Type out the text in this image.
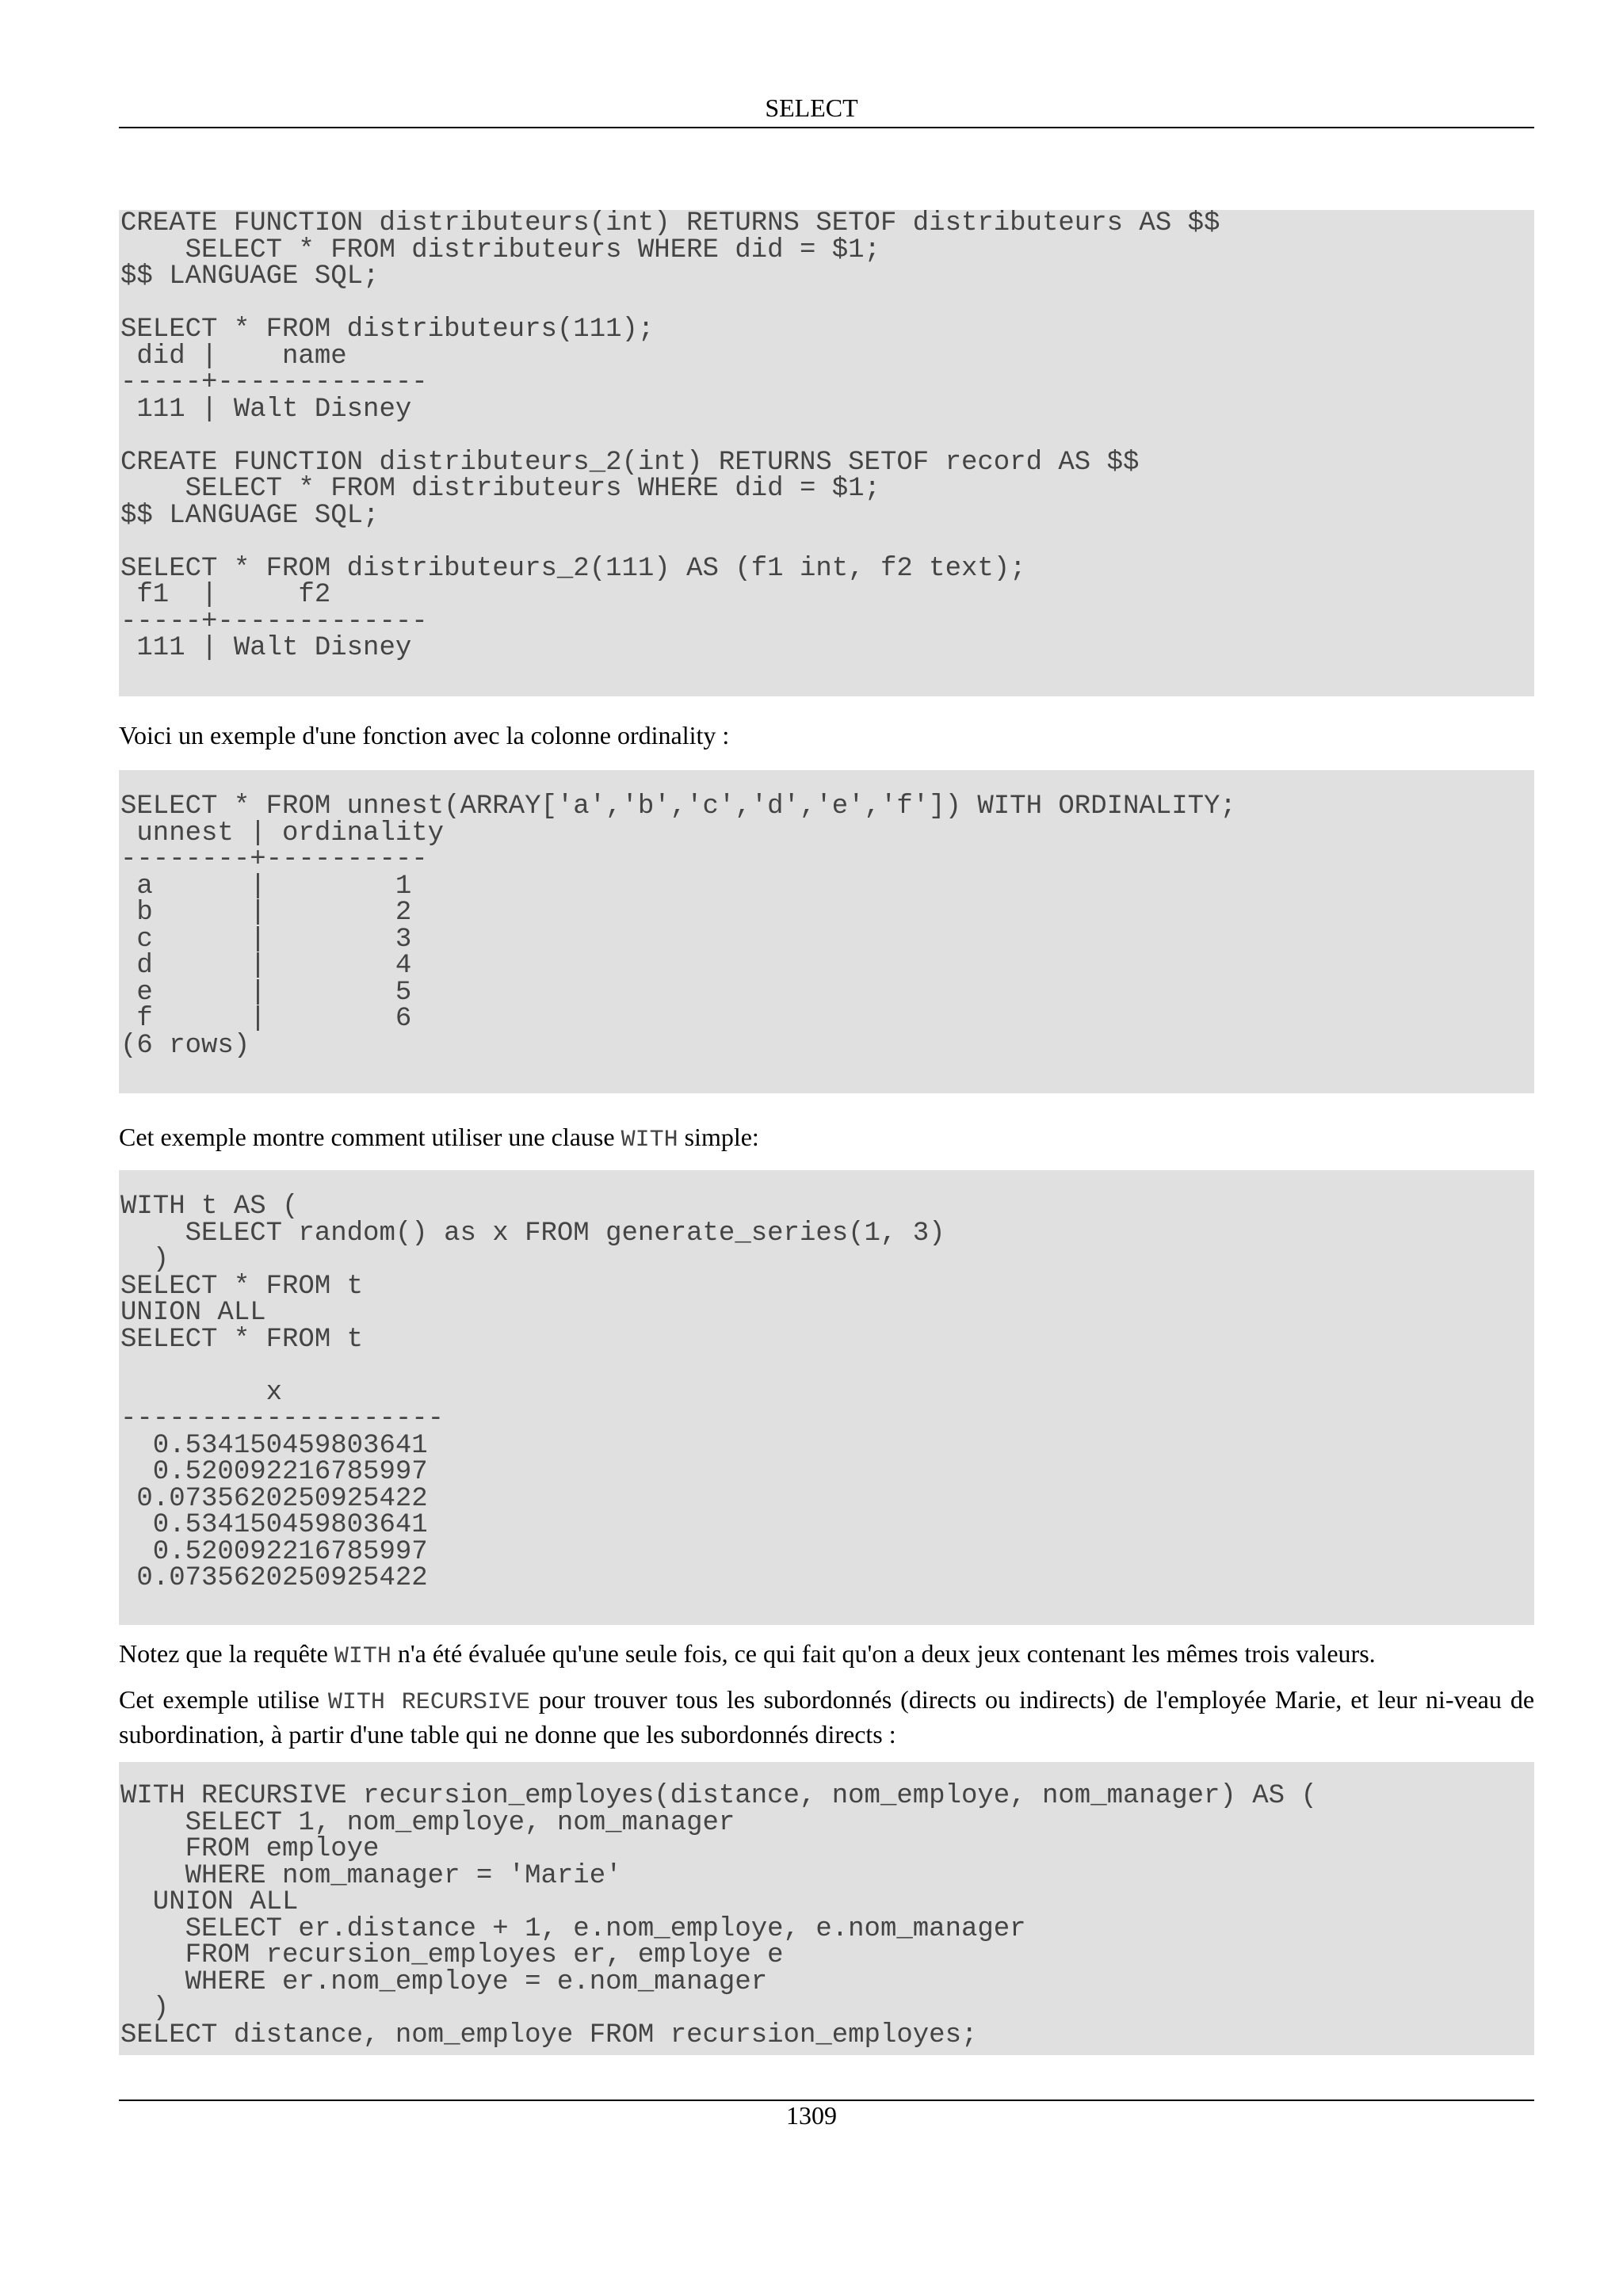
SELECT
CREATE FUNCTION distributeurs(int) RETURNS SETOF distributeurs AS $$
SELECT * FROM distributeurs WHERE did = $1;
$$ LANGUAGE SQL;

SELECT * FROM distributeurs(111);
did |    name
-----+-------------
111 | Walt Disney

CREATE FUNCTION distributeurs_2(int) RETURNS SETOF record AS $$
SELECT * FROM distributeurs WHERE did = $1;
$$ LANGUAGE SQL;

SELECT * FROM distributeurs_2(111) AS (f1 int, f2 text);
f1  |     f2
-----+-------------
111 | Walt Disney

Voici un exemple d'une fonction avec la colonne ordinality :

SELECT * FROM unnest(ARRAY['a','b','c','d','e','f']) WITH ORDINALITY;
unnest | ordinality
--------+----------
a      |        1
b      |        2
c      |        3
d      |        4
e      |        5
f      |        6
(6 rows)

Cet exemple montre comment utiliser une clause WITH simple:

WITH t AS (
SELECT random() as x FROM generate_series(1, 3)
)
SELECT * FROM t
UNION ALL
SELECT * FROM t

x
--------------------
0.534150459803641
0.520092216785997
0.0735620250925422
0.534150459803641
0.520092216785997
0.0735620250925422

Notez que la requête WITH n'a été évaluée qu'une seule fois, ce qui fait qu'on a deux jeux contenant les mêmes trois valeurs.

Cet exemple utilise WITH RECURSIVE pour trouver tous les subordonnés (directs ou indirects) de l'employée Marie, et leur ni-veau de subordination, à partir d'une table qui ne donne que les subordonnés directs :

WITH RECURSIVE recursion_employes(distance, nom_employe, nom_manager) AS (
SELECT 1, nom_employe, nom_manager
FROM employe
WHERE nom_manager = 'Marie'
UNION ALL
SELECT er.distance + 1, e.nom_employe, e.nom_manager
FROM recursion_employes er, employe e
WHERE er.nom_employe = e.nom_manager
)
SELECT distance, nom_employe FROM recursion_employes;
1309
